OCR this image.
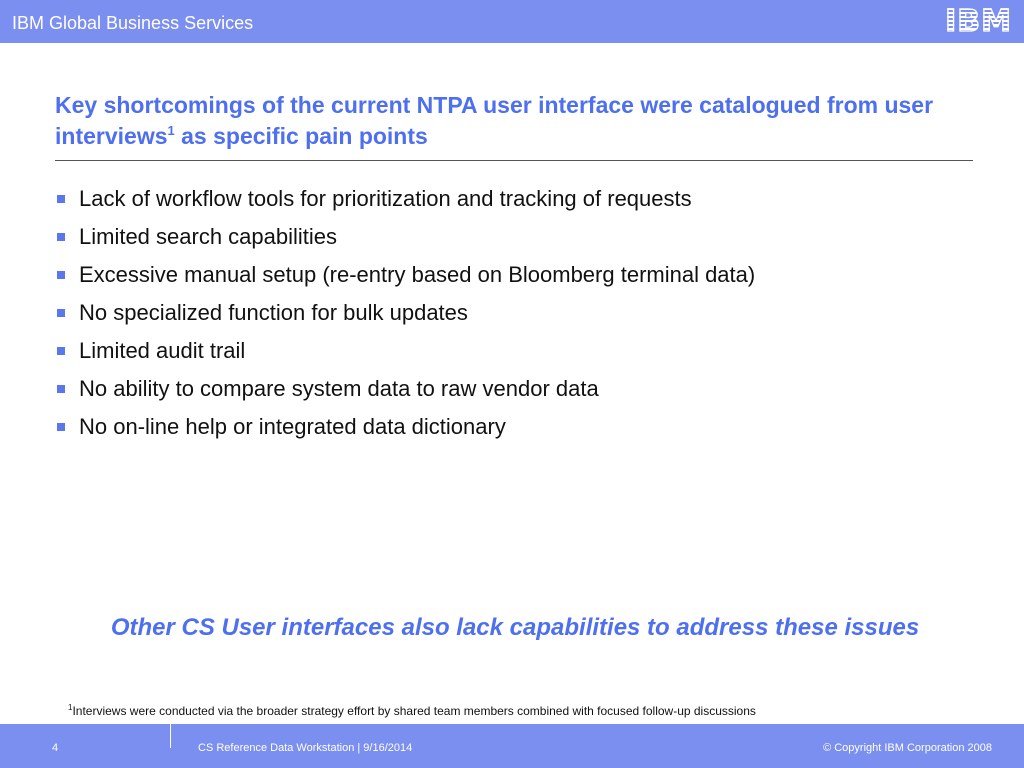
IBM Global Business Services	IBM
Key shortcomings of the current NTPA user interface were catalogued from user interviews$^1$ as specific pain points
Lack of workflow tools for prioritization and tracking of requests
Limited search capabilities
Excessive manual setup (re-entry based on Bloomberg terminal data)
No specialized function for bulk updates
Limited audit trail
No ability to compare system data to raw vendor data
No on-line help or integrated data dictionary
Other CS User interfaces also lack capabilities to address these issues
$^1$Interviews were conducted via the broader strategy effort by shared team members combined with focused follow-up discussions
4	CS Reference Data Workstation | 9/16/2014	© Copyright IBM Corporation 2008
